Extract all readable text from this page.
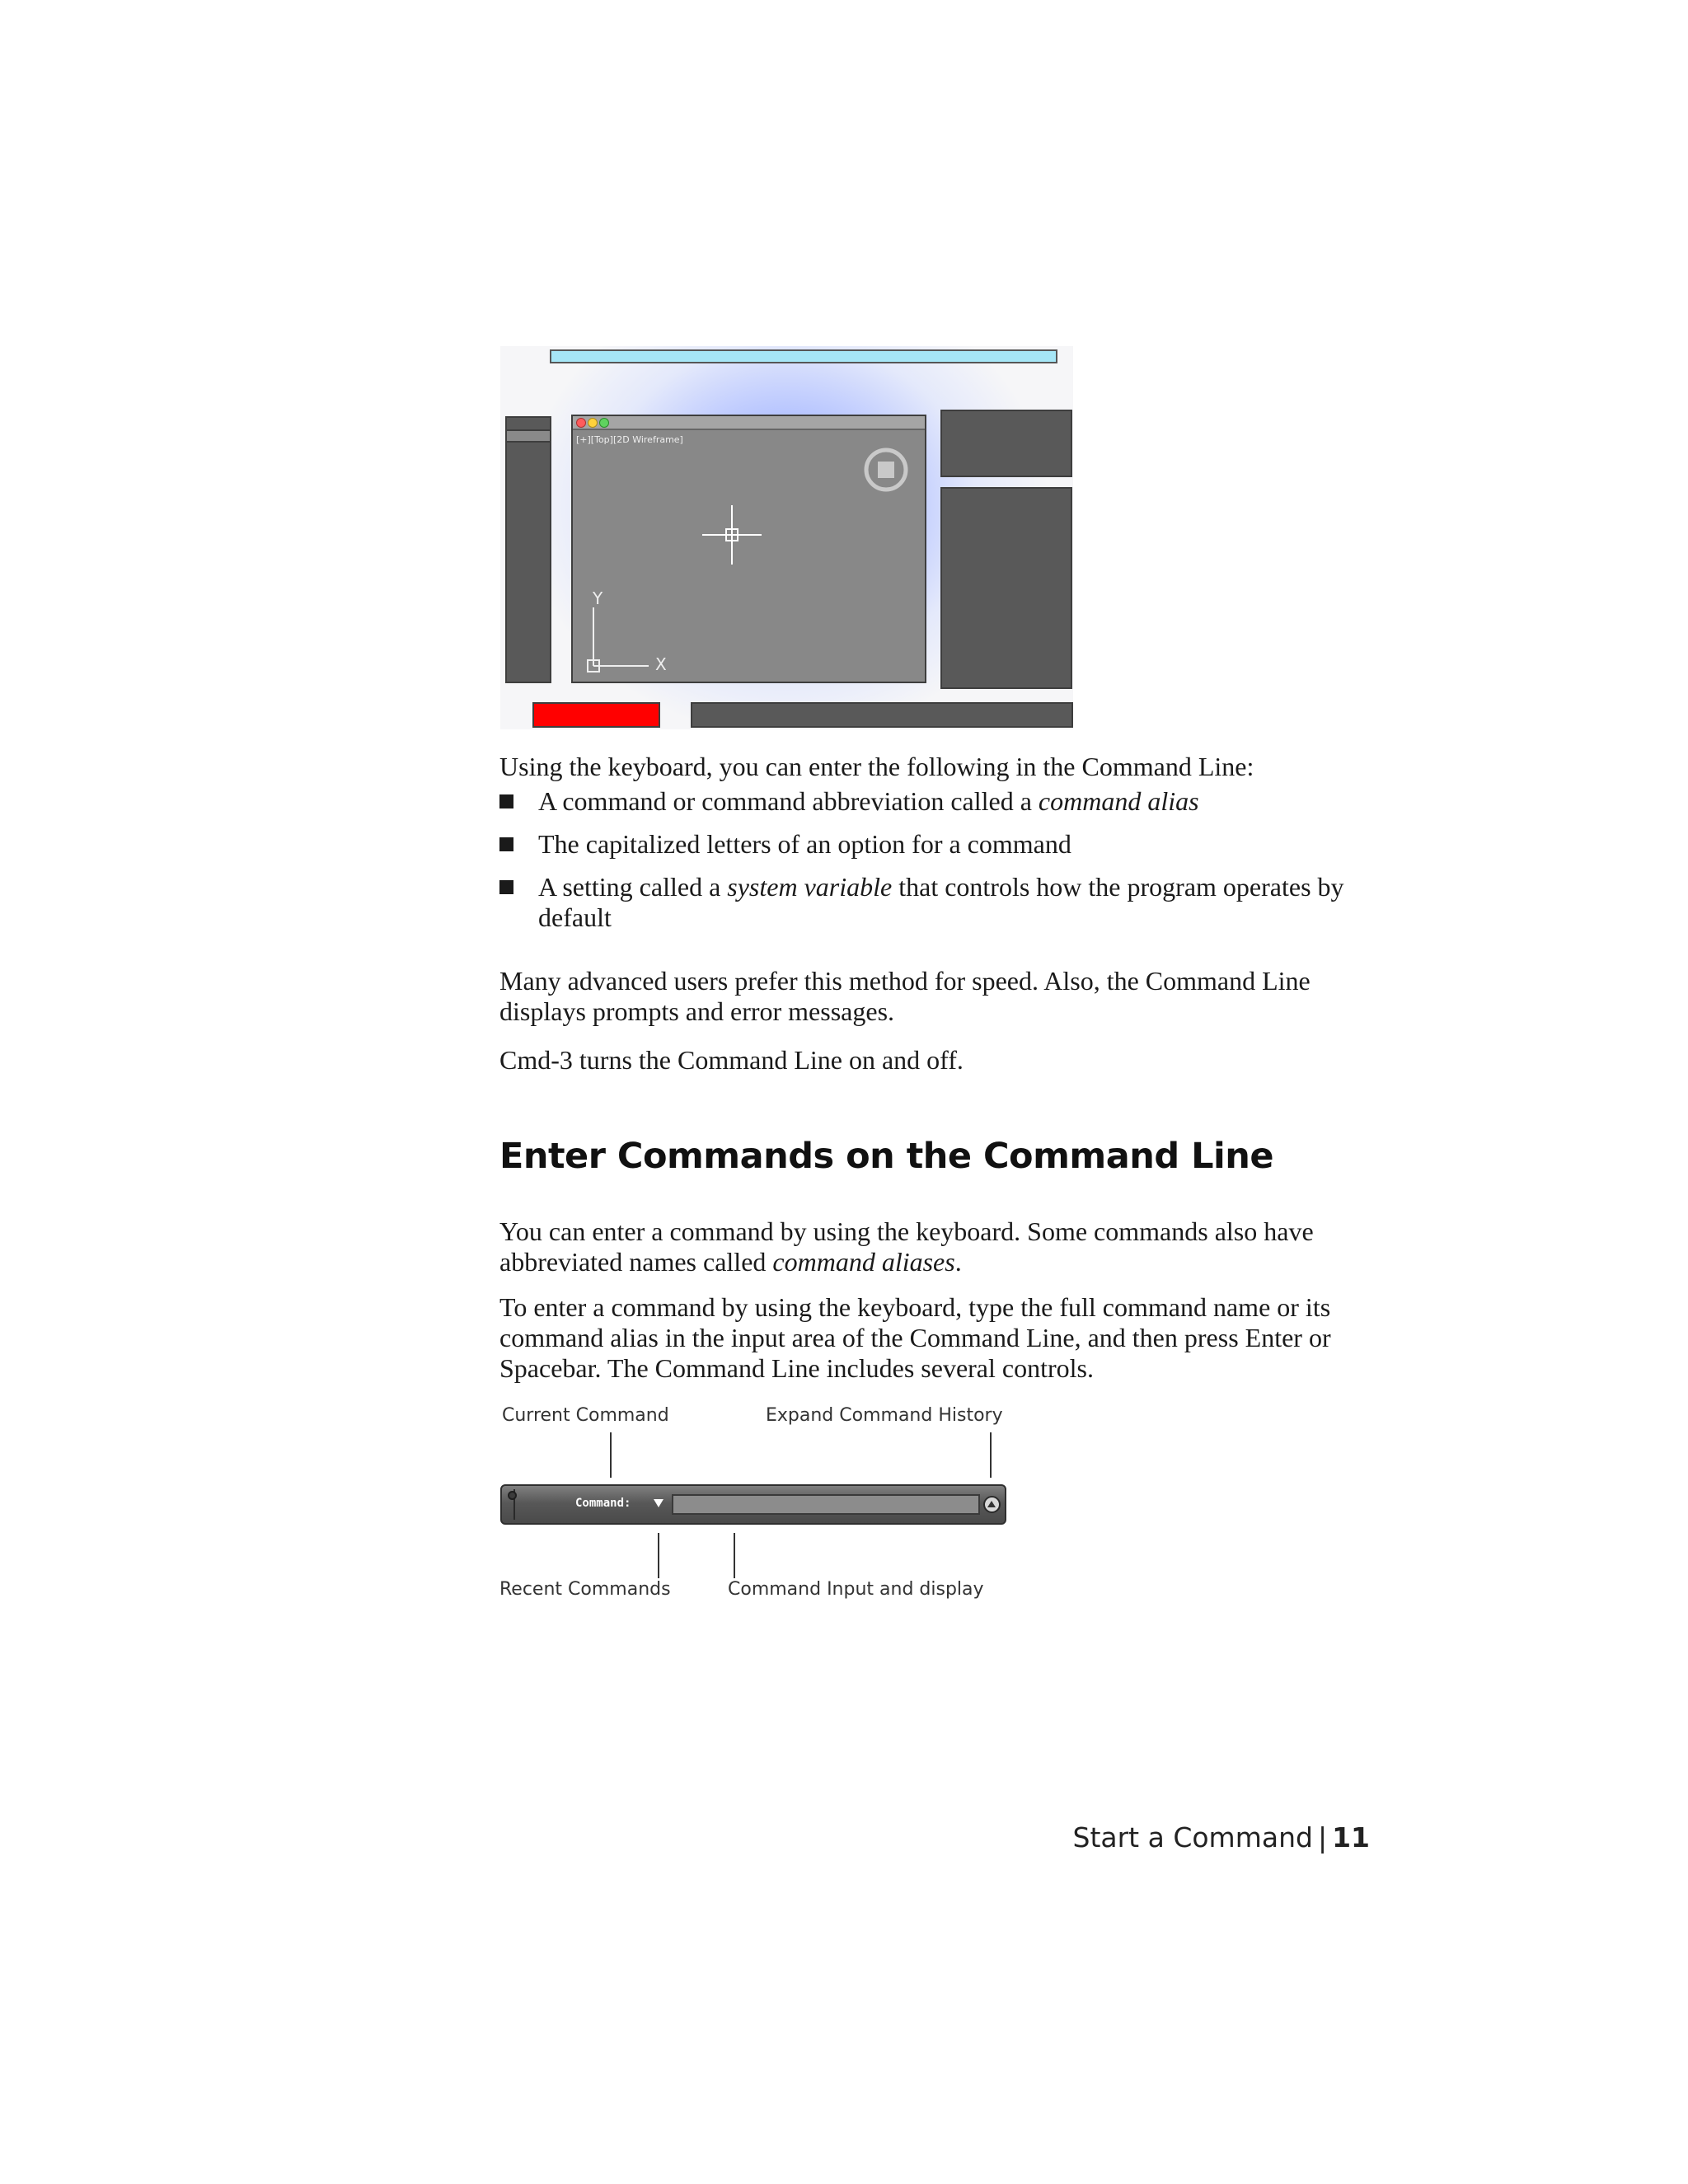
[+][Top][2D Wireframe]
Y
X

Using the keyboard, you can enter the following in the Command Line:

A command or command abbreviation called a command alias
The capitalized letters of an option for a command
A setting called a system variable that controls how the program operates by default

Many advanced users prefer this method for speed. Also, the Command Line displays prompts and error messages.

Cmd-3 turns the Command Line on and off.

Enter Commands on the Command Line

You can enter a command by using the keyboard. Some commands also have abbreviated names called command aliases.

To enter a command by using the keyboard, type the full command name or its command alias in the input area of the Command Line, and then press Enter or Spacebar. The Command Line includes several controls.

Current Command	Expand Command History
Command:
Recent Commands	Command Input and display
Start a Command | 11
